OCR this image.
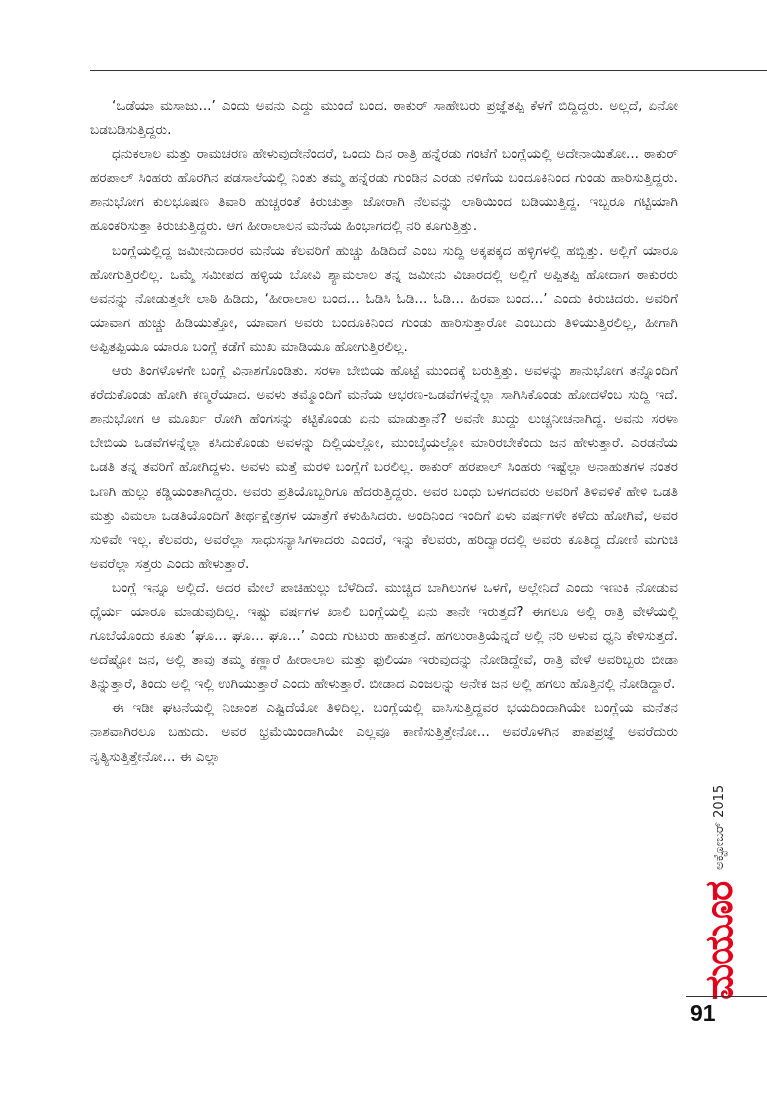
‘ಒಡೆಯಾ ಮಸಾಜು...’ ಎಂದು ಅವನು ಎದ್ದು ಮುಂದೆ ಬಂದ. ಠಾಕುರ್ ಸಾಹೇಬರು ಪ್ರಜ್ಞೆತಪ್ಪಿ ಕೆಳಗೆ ಬಿದ್ದಿದ್ದರು. ಅಲ್ಲದೆ, ಏನೋ ಬಡಬಡಿಸುತ್ತಿದ್ದರು.

ಧನುಕಲಾಲ ಮತ್ತು ರಾಮಚರಣ ಹೇಳುವುದೇನೆಂದರೆ, ಒಂದು ದಿನ ರಾತ್ರಿ ಹನ್ನೆರಡು ಗಂಟೆಗೆ ಬಂಗ್ಲೆಯಲ್ಲಿ ಅದೇನಾಯಿತೋ... ಠಾಕುರ್ ಹರಪಾಲ್ ಸಿಂಹರು ಹೊರಗಿನ ಪಡಸಾಲೆಯಲ್ಲಿ ನಿಂತು ತಮ್ಮ ಹನ್ನೆರಡು ಗುಂಡಿನ ಎರಡು ನಳಿಗೆಯ ಬಂದೂಕಿನಿಂದ ಗುಂಡು ಹಾರಿಸುತ್ತಿದ್ದರು. ಶಾನುಭೋಗ ಕುಲಭೂಷಣ ತಿವಾರಿ ಹುಚ್ಚರಂತೆ ಕಿರುಚುತ್ತಾ ಜೋರಾಗಿ ನೆಲವನ್ನು ಲಾಠಿಯಿಂದ ಬಡಿಯುತ್ತಿದ್ದ. ಇಬ್ಬರೂ ಗಟ್ಟಿಯಾಗಿ ಹೂಂಕರಿಸುತ್ತಾ ಕಿರುಚುತ್ತಿದ್ದರು. ಆಗ ಹೀರಾಲಾಲನ ಮನೆಯ ಹಿಂಭಾಗದಲ್ಲಿ ನರಿ ಕೂಗುತ್ತಿತ್ತು.

ಬಂಗ್ಲೆಯಲ್ಲಿದ್ದ ಜಮೀನುದಾರರ ಮನೆಯ ಕೆಲವರಿಗೆ ಹುಚ್ಚು ಹಿಡಿದಿದೆ ಎಂಬ ಸುದ್ದಿ ಅಕ್ಕಪಕ್ಕದ ಹಳ್ಳಿಗಳಲ್ಲಿ ಹಬ್ಬಿತ್ತು. ಅಲ್ಲಿಗೆ ಯಾರೂ ಹೋಗುತ್ತಿರಲಿಲ್ಲ. ಒಮ್ಮೆ ಸಮೀಪದ ಹಳ್ಳಿಯ ಬೋವಿ ಶ್ಯಾಮಲಾಲ ತನ್ನ ಜಮೀನು ವಿಚಾರದಲ್ಲಿ ಅಲ್ಲಿಗೆ ಅಪ್ಪಿತಪ್ಪಿ ಹೋದಾಗ ಠಾಕುರರು ಅವನನ್ನು ನೋಡುತ್ತಲೇ ಲಾಠಿ ಹಿಡಿದು, ‘ಹೀರಾಲಾಲ ಬಂದ... ಓಡಿಸಿ ಓಡಿ... ಓಡಿ... ಹಿರವಾ ಬಂದ...’ ಎಂದು ಕಿರುಚಿದರು. ಅವರಿಗೆ ಯಾವಾಗ ಹುಚ್ಚು ಹಿಡಿಯುತ್ತೋ, ಯಾವಾಗ ಅವರು ಬಂದೂಕಿನಿಂದ ಗುಂಡು ಹಾರಿಸುತ್ತಾರೋ ಎಂಬುದು ತಿಳಿಯುತ್ತಿರಲಿಲ್ಲ, ಹೀಗಾಗಿ ಅಪ್ಪಿತಪ್ಪಿಯೂ ಯಾರೂ ಬಂಗ್ಲೆ ಕಡೆಗೆ ಮುಖ ಮಾಡಿಯೂ ಹೋಗುತ್ತಿರಲಿಲ್ಲ.

ಆರು ತಿಂಗಳೊಳಗೇ ಬಂಗ್ಲೆ ವಿನಾಶಗೊಂಡಿತು. ಸರಳಾ ಬೇಬಿಯ ಹೊಟ್ಟೆ ಮುಂದಕ್ಕೆ ಬರುತ್ತಿತ್ತು. ಅವಳನ್ನು ಶಾನುಭೋಗ ತನ್ನೊಂದಿಗೆ ಕರೆದುಕೊಂಡು ಹೋಗಿ ಕಣ್ಮರೆಯಾದ. ಅವಳು ತಮ್ಮೊಂದಿಗೆ ಮನೆಯ ಆಭರಣ-ಒಡವೆಗಳನ್ನೆಲ್ಲಾ ಸಾಗಿಸಿಕೊಂಡು ಹೋದಳೆಂಬ ಸುದ್ದಿ ಇದೆ. ಶಾನುಭೋಗ ಆ ಮೂರ್ಖ ರೋಗಿ ಹೆಂಗಸನ್ನು ಕಟ್ಟಿಕೊಂಡು ಏನು ಮಾಡುತ್ತಾನೆ? ಅವನೇ ಖುದ್ದು ಲುಚ್ಚನೀಚನಾಗಿದ್ದ. ಅವನು ಸರಳಾ ಬೇಬಿಯ ಒಡವೆಗಳನ್ನೆಲ್ಲಾ ಕಸಿದುಕೊಂಡು ಅವಳನ್ನು ದಿಲ್ಲಿಯಲ್ಲೋ, ಮುಂಬೈಯಲ್ಲೋ ಮಾರಿರಬೇಕೆಂದು ಜನ ಹೇಳುತ್ತಾರೆ. ಎರಡನೆಯ ಒಡತಿ ತನ್ನ ತವರಿಗೆ ಹೋಗಿದ್ದಳು. ಅವಳು ಮತ್ತೆ ಮರಳಿ ಬಂಗ್ಲೆಗೆ ಬರಲಿಲ್ಲ. ಠಾಕುರ್ ಹರಪಾಲ್ ಸಿಂಹರು ಇಷ್ಟೆಲ್ಲಾ ಅನಾಹುತಗಳ ನಂತರ ಒಣಗಿ ಹುಲ್ಲು ಕಡ್ಡಿಯಂತಾಗಿದ್ದರು. ಅವರು ಪ್ರತಿಯೊಬ್ಬರಿಗೂ ಹೆದರುತ್ತಿದ್ದರು. ಅವರ ಬಂಧು ಬಳಗದವರು ಅವರಿಗೆ ತಿಳಿವಳಿಕೆ ಹೇಳಿ ಒಡತಿ ಮತ್ತು ವಿಮಲಾ ಒಡತಿಯೊಂದಿಗೆ ತೀರ್ಥಕ್ಷೇತ್ರಗಳ ಯಾತ್ರೆಗೆ ಕಳುಹಿಸಿದರು. ಅಂದಿನಿಂದ ಇಂದಿಗೆ ಏಳು ವರ್ಷಗಳೇ ಕಳೆದು ಹೋಗಿವೆ, ಅವರ ಸುಳಿವೇ ಇಲ್ಲ. ಕೆಲವರು, ಅವರೆಲ್ಲಾ ಸಾಧುಸನ್ಯಾಸಿಗಳಾದರು ಎಂದರೆ, ಇನ್ನು ಕೆಲವರು, ಹರಿದ್ವಾರದಲ್ಲಿ ಅವರು ಕೂತಿದ್ದ ದೋಣಿ ಮಗುಚಿ ಅವರೆಲ್ಲಾ ಸತ್ತರು ಎಂದು ಹೇಳುತ್ತಾರೆ.

ಬಂಗ್ಲೆ ಇನ್ನೂ ಅಲ್ಲಿದೆ. ಅದರ ಮೇಲೆ ಪಾಚಿಹುಲ್ಲು ಬೆಳೆದಿದೆ. ಮುಚ್ಚಿದ ಬಾಗಿಲುಗಳ ಒಳಗೆ, ಅಲ್ಲೇನಿದೆ ಎಂದು ಇಣುಕಿ ನೋಡುವ ಧೈರ್ಯ ಯಾರೂ ಮಾಡುವುದಿಲ್ಲ. ಇಷ್ಟು ವರ್ಷಗಳ ಖಾಲಿ ಬಂಗ್ಲೆಯಲ್ಲಿ ಏನು ತಾನೇ ಇರುತ್ತದೆ? ಈಗಲೂ ಅಲ್ಲಿ ರಾತ್ರಿ ವೇಳೆಯಲ್ಲಿ ಗೂಬೆಯೊಂದು ಕೂತು ‘ಘೂ... ಘೂ... ಘೂ...’ ಎಂದು ಗುಟುರು ಹಾಕುತ್ತದೆ. ಹಗಲುರಾತ್ರಿಯೆನ್ನದೆ ಅಲ್ಲಿ ನರಿ ಅಳುವ ಧ್ವನಿ ಕೇಳಿಸುತ್ತದೆ. ಅದೆಷ್ಟೋ ಜನ, ಅಲ್ಲಿ ತಾವು ತಮ್ಮ ಕಣ್ಣಾರೆ ಹೀರಾಲಾಲ ಮತ್ತು ಫುಲಿಯಾ ಇರುವುದನ್ನು ನೋಡಿದ್ದೇವೆ, ರಾತ್ರಿ ವೇಳೆ ಅವರಿಬ್ಬರು ಬೀಡಾ ತಿನ್ನುತ್ತಾರೆ, ತಿಂದು ಅಲ್ಲಿ ಇಲ್ಲಿ ಉಗಿಯುತ್ತಾರೆ ಎಂದು ಹೇಳುತ್ತಾರೆ. ಬೀಡಾದ ಎಂಜಲನ್ನು ಅನೇಕ ಜನ ಅಲ್ಲಿ ಹಗಲು ಹೊತ್ತಿನಲ್ಲಿ ನೋಡಿದ್ದಾರೆ.

ಈ ಇಡೀ ಘಟನೆಯಲ್ಲಿ ನಿಜಾಂಶ ಎಷ್ಟಿದೆಯೋ ತಿಳಿದಿಲ್ಲ. ಬಂಗ್ಲೆಯಲ್ಲಿ ವಾಸಿಸುತ್ತಿದ್ದವರ ಭಯದಿಂದಾಗಿಯೇ ಬಂಗ್ಲೆಯ ಮನೆತನ ನಾಶವಾಗಿರಲೂ ಬಹುದು. ಅವರ ಭ್ರಮೆಯಿಂದಾಗಿಯೇ ಎಲ್ಲವೂ ಕಾಣಿಸುತ್ತಿತ್ತೇನೋ... ಅವರೊಳಗಿನ ಪಾಪಪ್ರಜ್ಞೆ ಅವರೆದುರು ನೃತ್ಯಿಸುತ್ತಿತ್ತೇನೋ... ಈ ಎಲ್ಲಾ

ಮಯೂರ
ಅಕ್ಟೋಬರ್ 2015
91
